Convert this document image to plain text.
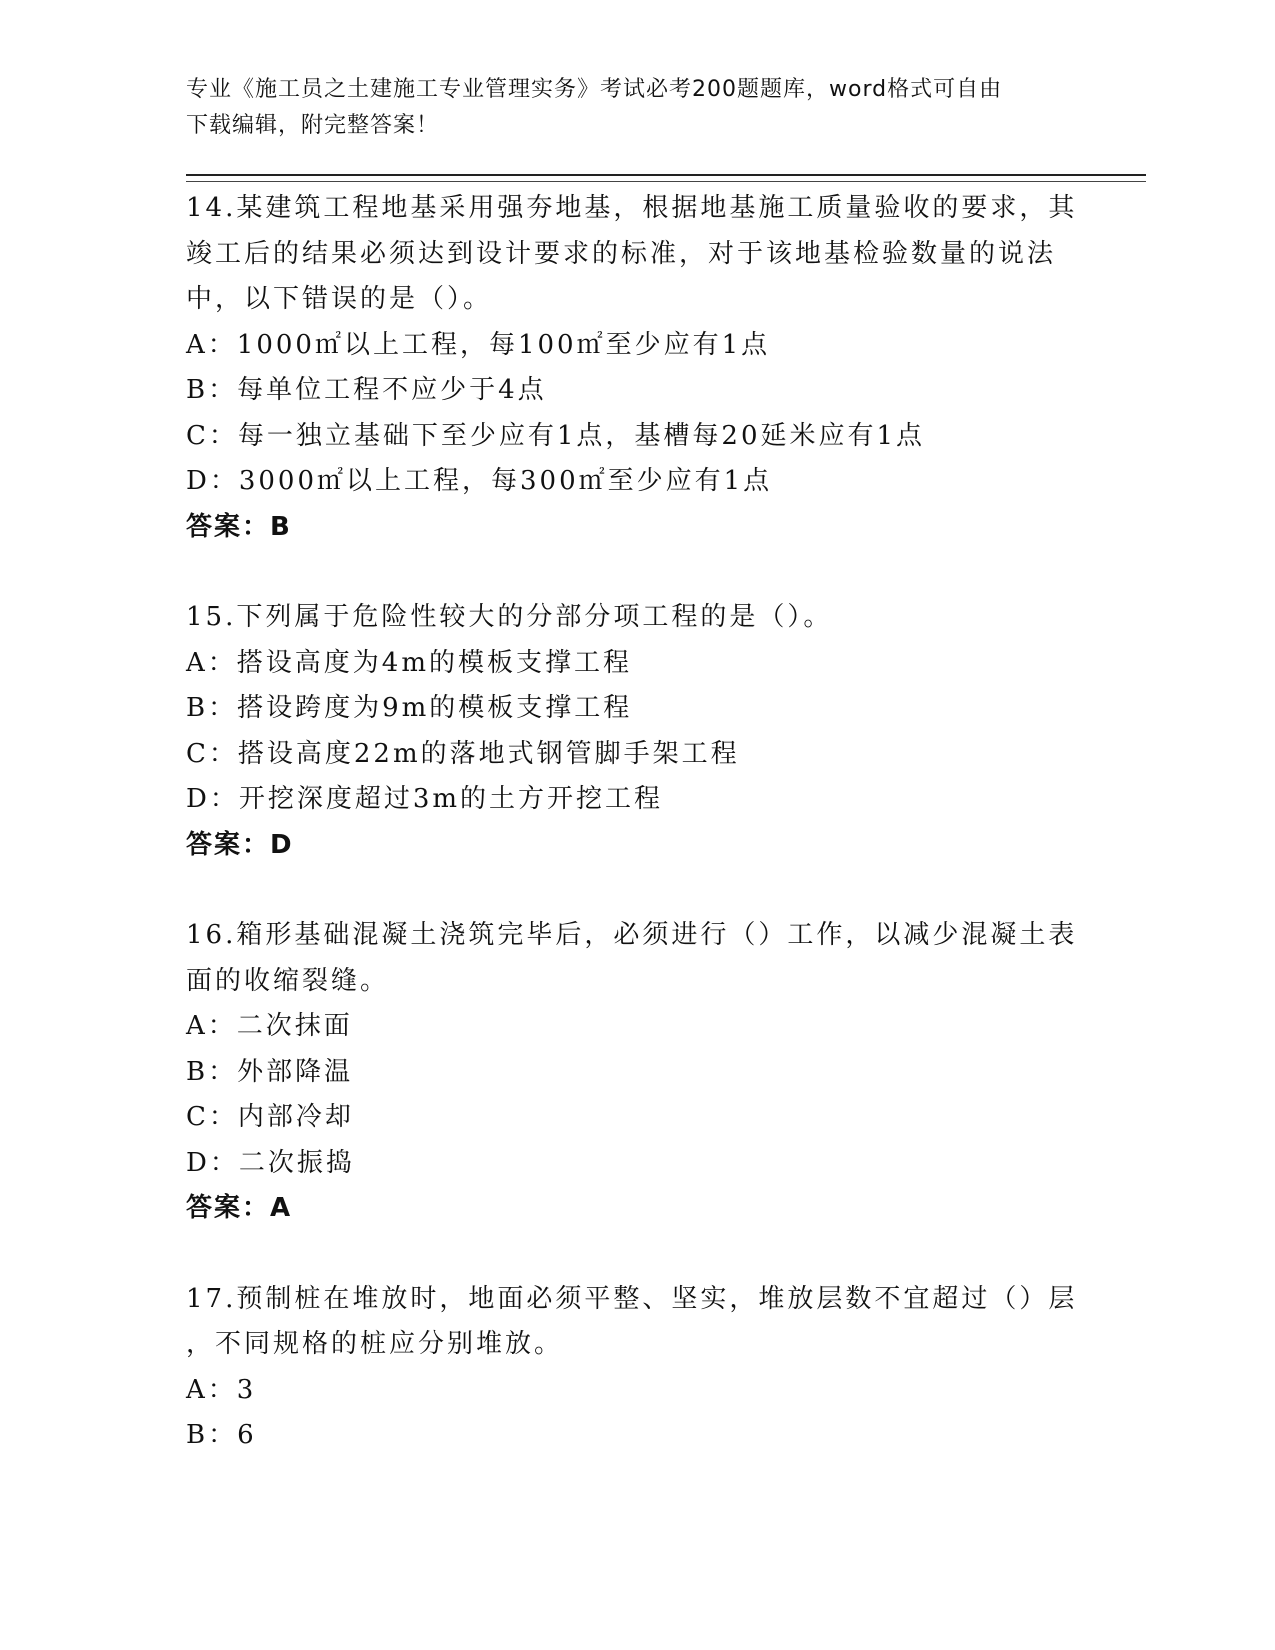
专业《施工员之土建施工专业管理实务》考试必考200题题库，word格式可自由
下载编辑，附完整答案！
14.某建筑工程地基采用强夯地基，根据地基施工质量验收的要求，其
竣工后的结果必须达到设计要求的标准，对于该地基检验数量的说法
中，以下错误的是（）。
A：1000㎡以上工程，每100㎡至少应有1点
B：每单位工程不应少于4点
C：每一独立基础下至少应有1点，基槽每20延米应有1点
D：3000㎡以上工程，每300㎡至少应有1点
答案：B
15.下列属于危险性较大的分部分项工程的是（）。
A：搭设高度为4m的模板支撑工程
B：搭设跨度为9m的模板支撑工程
C：搭设高度22m的落地式钢管脚手架工程
D：开挖深度超过3m的土方开挖工程
答案：D
16.箱形基础混凝土浇筑完毕后，必须进行（）工作，以减少混凝土表
面的收缩裂缝。
A：二次抹面
B：外部降温
C：内部冷却
D：二次振捣
答案：A
17.预制桩在堆放时，地面必须平整、坚实，堆放层数不宜超过（）层
，不同规格的桩应分别堆放。
A：3
B：6
